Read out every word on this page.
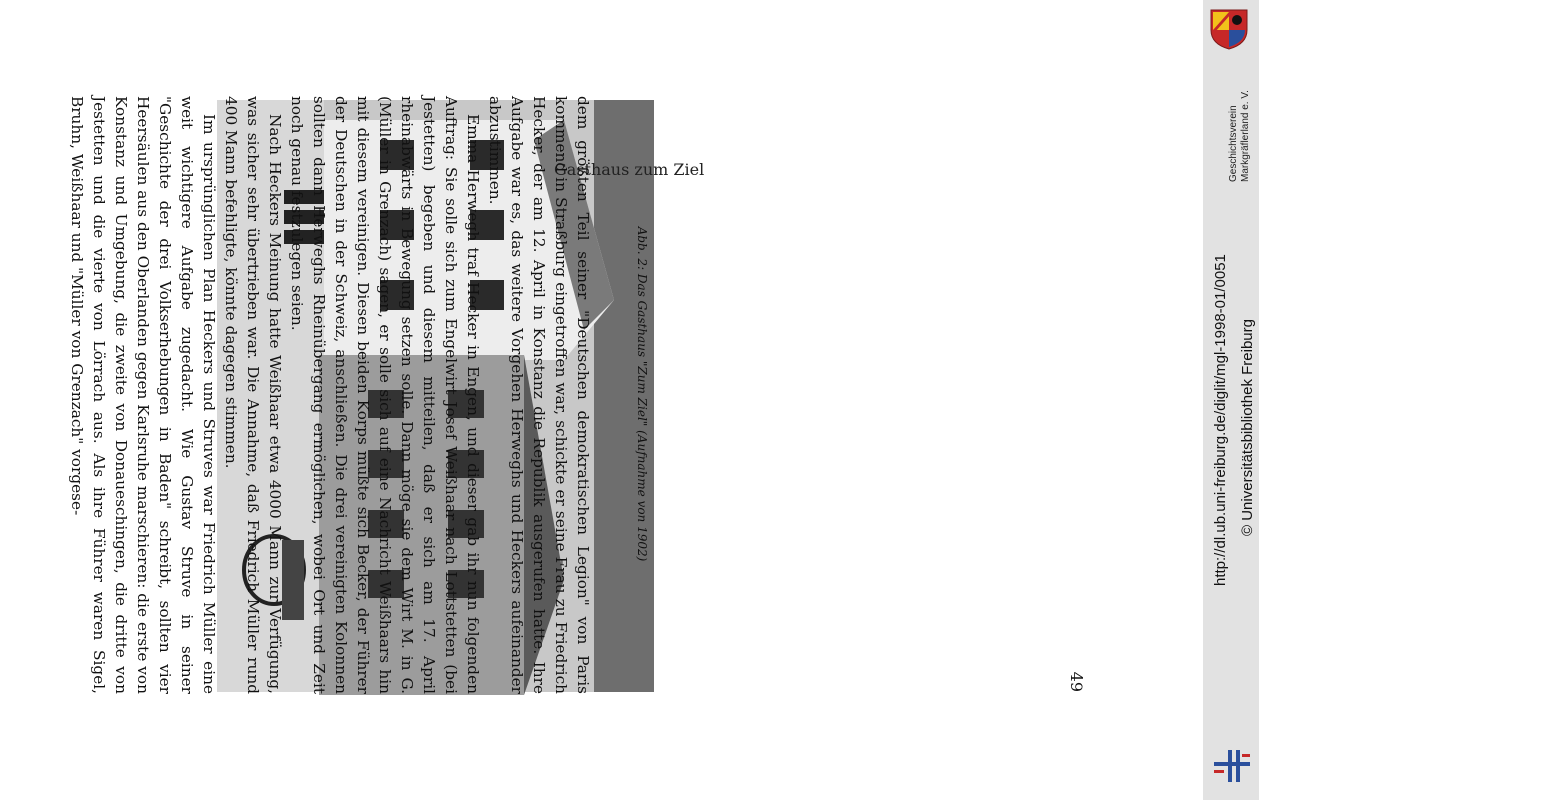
Geschichtsverein Markgräflerland e. V.
http://dl.ub.uni-freiburg.de/diglit/mgl-1998-01/0051 © Universitätsbibliothek Freiburg
49
Gasthaus zum Ziel
Abb. 2: Das Gasthaus "Zum Ziel" (Aufnahme von 1902)

dem größten Teil seiner "Deutschen demokratischen Legion" von Paris kommend in Straßburg eingetroffen war, schickte er seine Frau zu Friedrich Hecker, der am 12. April in Konstanz die Republik ausgerufen hatte. Ihre Aufgabe war es, das weitere Vorgehen Herweghs und Heckers aufeinander abzustimmen.

Emma Herwegh traf Hecker in Engen, und dieser gab ihr nun folgenden Auftrag: Sie solle sich zum Engelwirt Josef Weißhaar nach Lottstetten (bei Jestetten) begeben und diesem mitteilen, daß er sich am 17. April rheinabwärts in Bewegung setzen solle. Dann möge sie dem Wirt M. in G. (Müller in Grenzach) sagen, er solle sich auf eine Nachricht Weißhaars hin mit diesem vereinigen. Diesen beiden Korps müßte sich Becker, der Führer der Deutschen in der Schweiz, anschließen. Die drei vereinigten Kolonnen sollten dann Herweghs Rheinübergang ermöglichen, wobei Ort und Zeit noch genau festzulegen seien.

Nach Heckers Meinung hatte Weißhaar etwa 4000 Mann zur Verfügung, was sicher sehr übertrieben war. Die Annahme, daß Friedrich Müller rund 400 Mann befehligte, könnte dagegen stimmen.

Im ursprünglichen Plan Heckers und Struves war Friedrich Müller eine weit wichtigere Aufgabe zugedacht. Wie Gustav Struve in seiner "Geschichte der drei Volkserhebungen in Baden" schreibt, sollten vier Heersäulen aus den Oberlanden gegen Karlsruhe marschieren: die erste von Konstanz und Umgebung, die zweite von Donaueschingen, die dritte von Jestetten und die vierte von Lörrach aus. Als ihre Führer waren Sigel, Bruhn, Weißhaar und "Müller von Grenzach" vorgese-
